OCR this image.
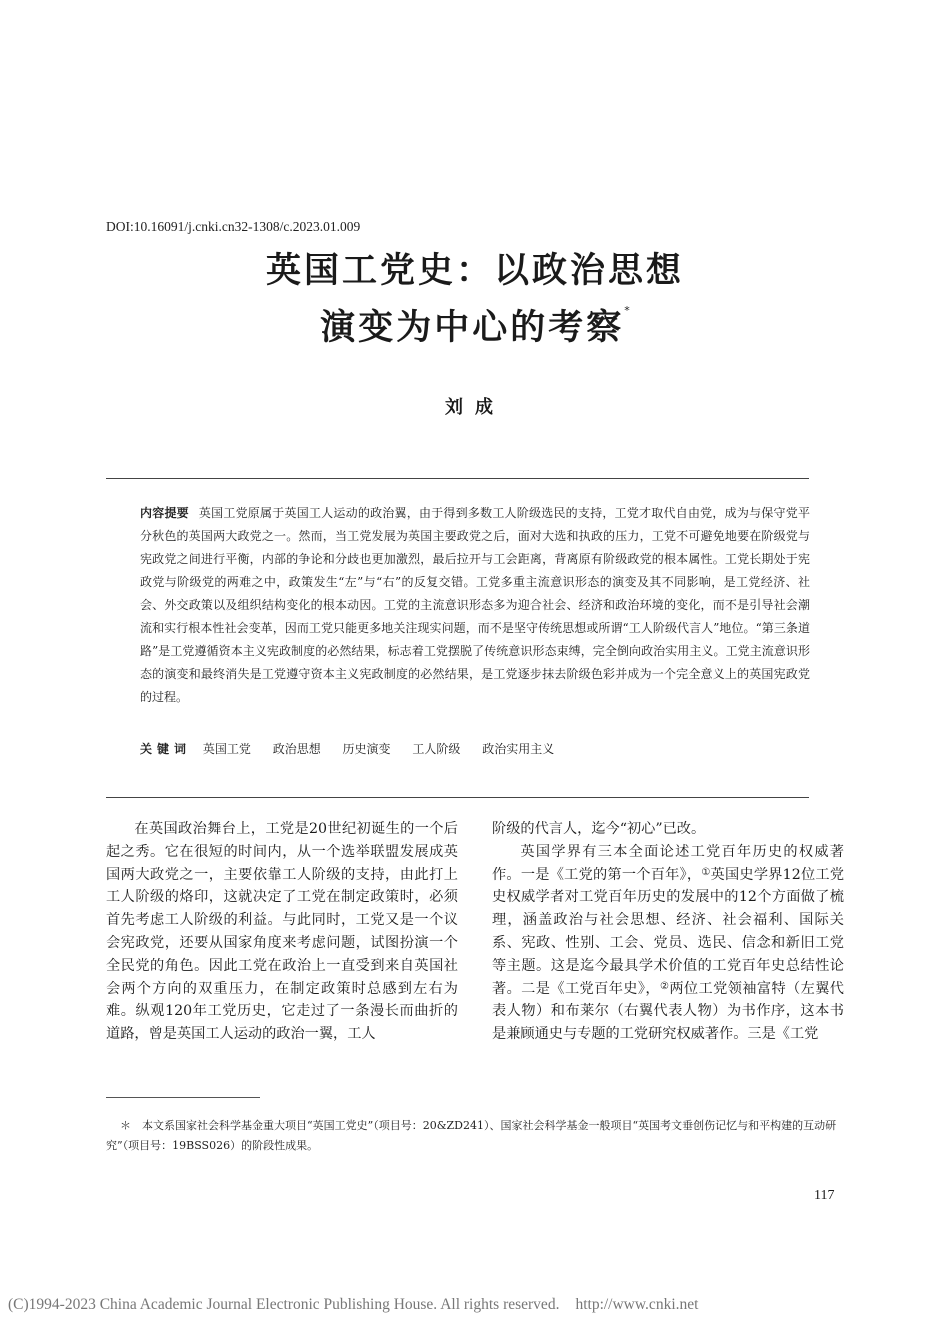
DOI:10.16091/j.cnki.cn32-1308/c.2023.01.009
英国工党史：以政治思想
演变为中心的考察*
刘成
内容提要 英国工党原属于英国工人运动的政治翼，由于得到多数工人阶级选民的支持，工党才取代自由党，成为与保守党平分秋色的英国两大政党之一。然而，当工党发展为英国主要政党之后，面对大选和执政的压力，工党不可避免地要在阶级党与宪政党之间进行平衡，内部的争论和分歧也更加激烈，最后拉开与工会距离，背离原有阶级政党的根本属性。工党长期处于宪政党与阶级党的两难之中，政策发生“左”与“右”的反复交错。工党多重主流意识形态的演变及其不同影响，是工党经济、社会、外交政策以及组织结构变化的根本动因。工党的主流意识形态多为迎合社会、经济和政治环境的变化，而不是引导社会潮流和实行根本性社会变革，因而工党只能更多地关注现实问题，而不是坚守传统思想或所谓“工人阶级代言人”地位。“第三条道路”是工党遵循资本主义宪政制度的必然结果，标志着工党摆脱了传统意识形态束缚，完全倒向政治实用主义。工党主流意识形态的演变和最终消失是工党遵守资本主义宪政制度的必然结果，是工党逐步抹去阶级色彩并成为一个完全意义上的英国宪政党的过程。
关键词 英国工党 政治思想 历史演变 工人阶级 政治实用主义

在英国政治舞台上，工党是20世纪初诞生的一个后起之秀。它在很短的时间内，从一个选举联盟发展成英国两大政党之一，主要依靠工人阶级的支持，由此打上工人阶级的烙印，这就决定了工党在制定政策时，必须首先考虑工人阶级的利益。与此同时，工党又是一个议会宪政党，还要从国家角度来考虑问题，试图扮演一个全民党的角色。因此工党在政治上一直受到来自英国社会两个方向的双重压力，在制定政策时总感到左右为难。纵观120年工党历史，它走过了一条漫长而曲折的道路，曾是英国工人运动的政治一翼，工人

阶级的代言人，迄今“初心”已改。

英国学界有三本全面论述工党百年历史的权威著作。一是《工党的第一个百年》，①英国史学界12位工党史权威学者对工党百年历史的发展中的12个方面做了梳理，涵盖政治与社会思想、经济、社会福利、国际关系、宪政、性别、工会、党员、选民、信念和新旧工党等主题。这是迄今最具学术价值的工党百年史总结性论著。二是《工党百年史》，②两位工党领袖富特（左翼代表人物）和布莱尔（右翼代表人物）为书作序，这本书是兼顾通史与专题的工党研究权威著作。三是《工党

＊　本文系国家社会科学基金重大项目“英国工党史”（项目号：20&ZD241）、国家社会科学基金一般项目“英国考文垂创伤记忆与和平构建的互动研究”（项目号：19BSS026）的阶段性成果。
117
(C)1994-2023 China Academic Journal Electronic Publishing House. All rights reserved. http://www.cnki.net
